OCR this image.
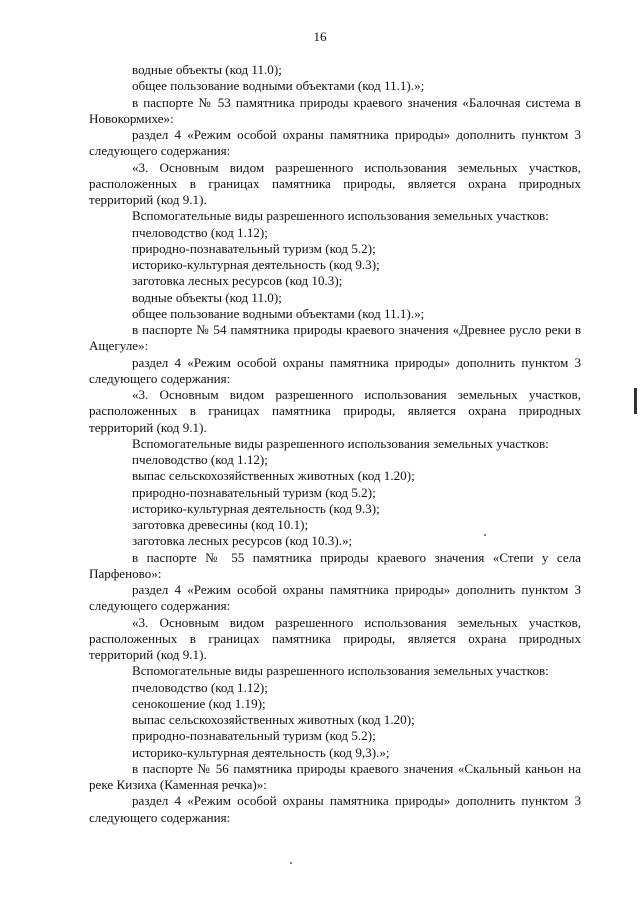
16

водные объекты (код 11.0);

общее пользование водными объектами (код 11.1).»;

в паспорте № 53 памятника природы краевого значения «Балочная система в Новокормихе»:

раздел 4 «Режим особой охраны памятника природы» дополнить пунктом 3 следующего содержания:

«3. Основным видом разрешенного использования земельных участков, расположенных в границах памятника природы, является охрана природных территорий (код 9.1).

Вспомогательные виды разрешенного использования земельных участков:

пчеловодство (код 1.12);

природно-познавательный туризм (код 5.2);

историко-культурная деятельность (код 9.3);

заготовка лесных ресурсов (код 10.3);

водные объекты (код 11.0);

общее пользование водными объектами (код 11.1).»;

в паспорте № 54 памятника природы краевого значения «Древнее русло реки в Ащегуле»:

раздел 4 «Режим особой охраны памятника природы» дополнить пунктом 3 следующего содержания:

«3. Основным видом разрешенного использования земельных участков, расположенных в границах памятника природы, является охрана природных территорий (код 9.1).

Вспомогательные виды разрешенного использования земельных участков:

пчеловодство (код 1.12);

выпас сельскохозяйственных животных (код 1.20);

природно-познавательный туризм (код 5.2);

историко-культурная деятельность (код 9.3);

заготовка древесины (код 10.1);

заготовка лесных ресурсов (код 10.3).»;

в паспорте № 55 памятника природы краевого значения «Степи у села Парфеново»:

раздел 4 «Режим особой охраны памятника природы» дополнить пунктом 3 следующего содержания:

«3. Основным видом разрешенного использования земельных участков, расположенных в границах памятника природы, является охрана природных территорий (код 9.1).

Вспомогательные виды разрешенного использования земельных участков:

пчеловодство (код 1.12);

сенокошение (код 1.19);

выпас сельскохозяйственных животных (код 1.20);

природно-познавательный туризм (код 5.2);

историко-культурная деятельность (код 9,3).»;

в паспорте № 56 памятника природы краевого значения «Скальный каньон на реке Кизиха (Каменная речка)»:

раздел 4 «Режим особой охраны памятника природы» дополнить пунктом 3 следующего содержания:
